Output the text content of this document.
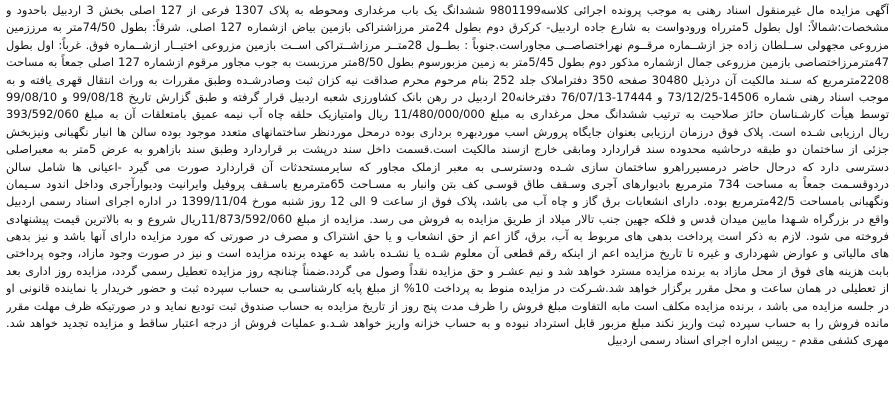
آگهی مزایده مال غیرمنقول اسناد رهنی به موجب پرونده اجرائی کلاسه9801199 ششدانگ یک باب مرغداری ومحوطه به پلاک 1307 فرعی از 127 اصلی بخش 3 اردبیل باحدود و
مشخصات:شمالاً: اول بطول 5مترراه ورودواست به شارع جاده اردبیل- کرکرق دوم بطول 24متر مرزاشتراکی بازمین بیاض ازشماره 127 اصلی. شرقاً: بطول 74/50متر به مرززمین
مزروعی مجهولی ســلطان زاده جز ازشــماره مرقــوم نهراختصاصــی مجاوراست.جنوباً : بطــول 28متــر مرزاشــتراکی اســت بازمین مزروعی اختیــار ازشــماره فوق. غرباً: اول بطول
47مترمرزاختصاصی بازمین مزروعی جمال ازشماره مذکور دوم بطول 5/45متر به زمین مزبورسوم بطول 8/50متر مرزبست به جوب مجاور مرقوم ازشماره 127 اصلی جمعاً به مساحت
2208مترمربع که سـند مالکیت آن درذیل 30480 صفحه 350 دفتراملاک جلد 252 بنام مرحوم محرم صداقت نیه کزان ثبت وصادرشـده وطبق مقررات به وراث انتقال قهری یافته و به
موجب اسناد رهنی شماره 14506-73/12/25 و 17444-76/07/13 دفترخانه20 اردبیل در رهن بانک کشاورزی شعبه اردبیل قرار گرفته و طبق گزارش تاریخ 99/08/18 و 99/08/10
توسط هیأت کارشـناسان حائز صلاحیت به ترتیب ششدانگ محل مرغداری به مبلغ 11/480/000/000 ریال وامتیازیک حلقه چاه آب نیمه عمیق بامتعلقات آن به مبلغ 393/592/060
ریال ارزیابی شـده است. پلاک فوق درزمان ارزیابی بعنوان جایگاه پرورش اسب موردبهره برداری بوده درمحل موردنظر ساختمانهای متعدد موجود بوده سالن ها انبار نگهبانی ونیزبخش
جزئی از ساختمان دو طبقه درحاشیه محدوده سند قراردارد ومابقی خارج ازسند مالکیت است.قسمت داخل سند درپشت بر قراردارد وطبق سند بازاهرو به عرض 5متر به معبراصلی
دسترسی دارد که درحال حاضر درمسیرراهرو ساختمان سازی شـده ودسترسـی به معبر ازملک مجاور که سایرمستحدثات آن قراردارد صورت می گیرد -اعیانی ها شامل سالن
دردوقسـمت جمعاً به مساحت 734 مترمربع بادیوارهای آجری وسـقف طاق قوسـی کف بتن وانبار به مسـاحت 65مترمربع باسـقف پروفیل وایرانیت ودیوارآجری وداخل اندود سـیمان
ونگهبانی بامساحت 42/5مترمربع بوده. دارای انشعابات برق گاز و چاه آب می باشد، پلاک فوق از ساعت 9 الی 12 روز شنبه مورخ 1399/11/04 در اداره اجرای اسناد رسمی اردبیل
واقع در بزرگراه شـهدا مابین میدان قدس و فلکه جهین جنب تالار میلاد از طریق مزایده به فروش می رسد. مزایده از مبلغ 11/873/592/060ریال شروع و به بالاترین قیمت پیشنهادی
فروخته می شود. لازم به ذکر است پرداخت بدهی های مربوط به آب، برق، گاز اعم از حق انشعاب و یا حق اشتراک و مصرف در صورتی که مورد مزایده دارای آنها باشد و نیز بدهی
های مالیاتی و عوارض شهرداری و غیره تا تاریخ مزایده اعم از اینکه رقم قطعی آن معلوم شـده یا نشـده باشد به عهده برنده مزایده است و نیز در صورت وجود مازاد، وجوه پرداختی
بابت هزینه های فوق از محل مازاد به برنده مزایده مسترد خواهد شد و نیم عشـر و حق مزایده نقداً وصول می گردد.ضمناً چنانچه روز مزایده تعطیل رسمی گردد، مزایده روز اداری بعد
از تعطیلی در همان ساعت و محل مقرر برگزار خواهد شد.شـرکت در مزایده منوط به پرداخت 10% از مبلغ پایه کارشناسـی به حساب سپرده ثبت و حضور خریدار یا نماینده قانونی او
در جلسه مزایده می باشد ، برنده مزایده مکلف است مابه التفاوت مبلغ فروش را ظرف مدت پنج روز از تاریخ مزایده به حساب صندوق ثبت تودیع نماید و در صورتیکه ظرف مهلت مقرر
مانده فروش را به حساب سپرده ثبت واریز نکند مبلغ مزبور قابل استرداد نبوده و به حساب خزانه واریز خواهد شـد.و عملیات فروش از درجه اعتبار ساقط و مزایده تجدید خواهد شد.
مهری کشفی مقدم - رییس اداره اجرای اسناد رسمی اردبیل
